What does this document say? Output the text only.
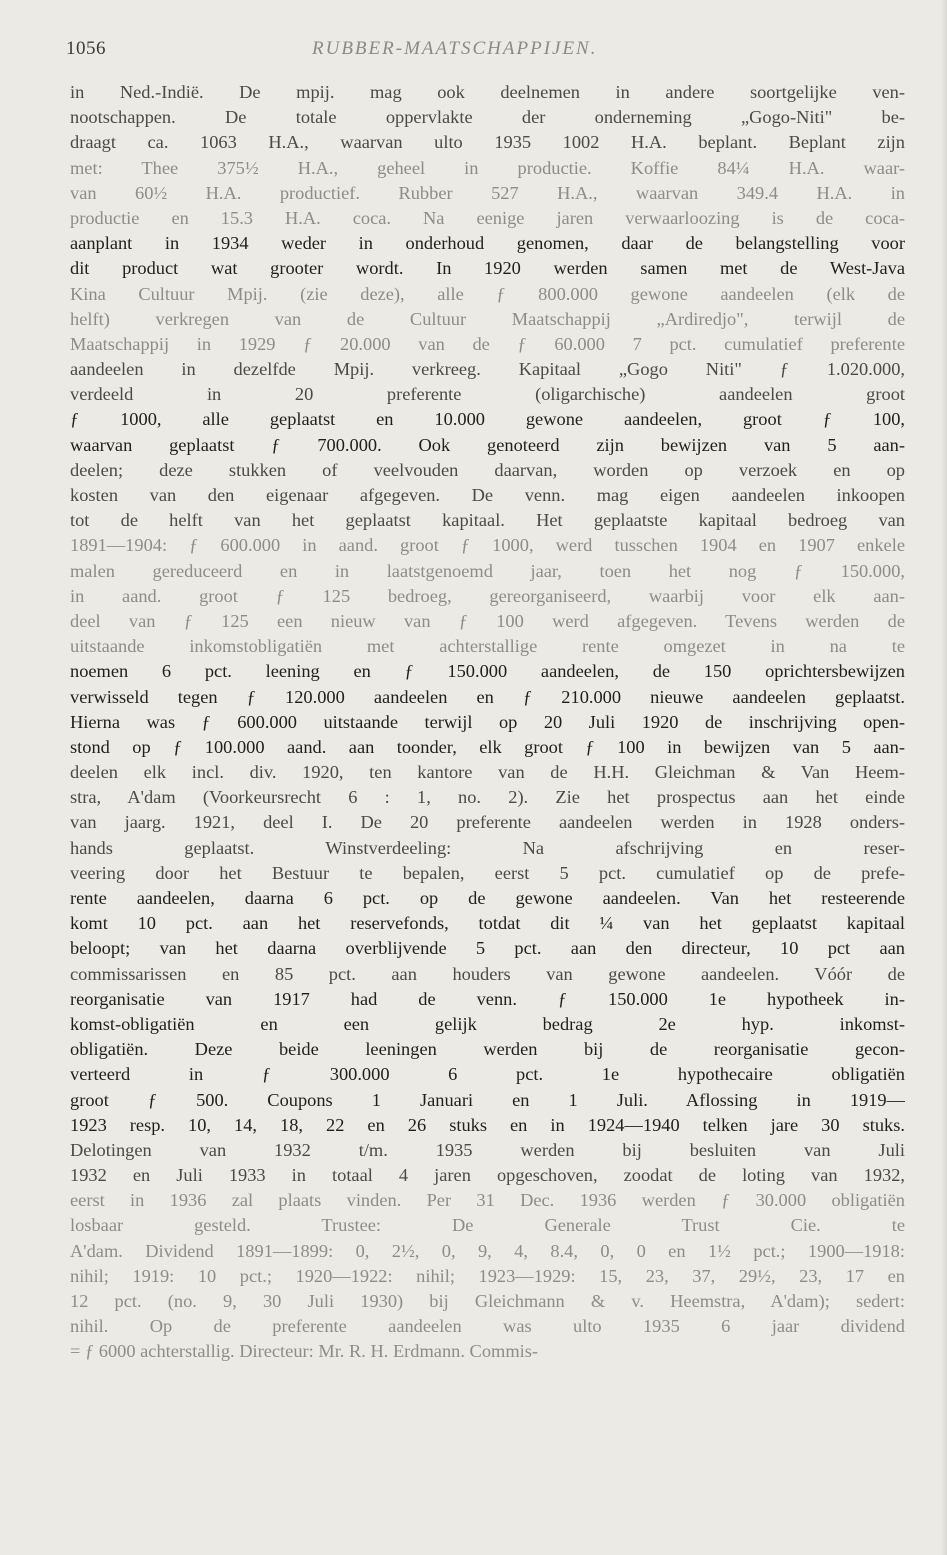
1056	RUBBER-MAATSCHAPPIJEN.
in Ned.-Indië. De mpij. mag ook deelnemen in andere soortgelijke ven-
nootschappen. De totale oppervlakte der onderneming „Gogo-Niti" be-
draagt ca. 1063 H.A., waarvan ulto 1935 1002 H.A. beplant. Beplant zijn
met: Thee 375½ H.A., geheel in productie. Koffie 84¼ H.A. waar-
van 60½ H.A. productief. Rubber 527 H.A., waarvan 349.4 H.A. in
productie en 15.3 H.A. coca. Na eenige jaren verwaarloozing is de coca-
aanplant in 1934 weder in onderhoud genomen, daar de belangstelling voor
dit product wat grooter wordt. In 1920 werden samen met de West-Java
Kina Cultuur Mpij. (zie deze), alle ƒ 800.000 gewone aandeelen (elk de
helft) verkregen van de Cultuur Maatschappij „Ardiredjo", terwijl de
Maatschappij in 1929 ƒ 20.000 van de ƒ 60.000 7 pct. cumulatief preferente
aandeelen in dezelfde Mpij. verkreeg. Kapitaal „Gogo Niti" ƒ 1.020.000,
verdeeld in 20 preferente (oligarchische) aandeelen groot
ƒ 1000, alle geplaatst en 10.000 gewone aandeelen, groot ƒ 100,
waarvan geplaatst ƒ 700.000. Ook genoteerd zijn bewijzen van 5 aan-
deelen; deze stukken of veelvouden daarvan, worden op verzoek en op
kosten van den eigenaar afgegeven. De venn. mag eigen aandeelen inkoopen
tot de helft van het geplaatst kapitaal. Het geplaatste kapitaal bedroeg van
1891—1904: ƒ 600.000 in aand. groot ƒ 1000, werd tusschen 1904 en 1907 enkele
malen gereduceerd en in laatstgenoemd jaar, toen het nog ƒ 150.000,
in aand. groot ƒ 125 bedroeg, gereorganiseerd, waarbij voor elk aan-
deel van ƒ 125 een nieuw van ƒ 100 werd afgegeven. Tevens werden de
uitstaande inkomstobligatiën met achterstallige rente omgezet in na te
noemen 6 pct. leening en ƒ 150.000 aandeelen, de 150 oprichtersbewijzen
verwisseld tegen ƒ 120.000 aandeelen en ƒ 210.000 nieuwe aandeelen geplaatst.
Hierna was ƒ 600.000 uitstaande terwijl op 20 Juli 1920 de inschrijving open-
stond op ƒ 100.000 aand. aan toonder, elk groot ƒ 100 in bewijzen van 5 aan-
deelen elk incl. div. 1920, ten kantore van de H.H. Gleichman & Van Heem-
stra, A'dam (Voorkeursrecht 6 : 1, no. 2). Zie het prospectus aan het einde
van jaarg. 1921, deel I. De 20 preferente aandeelen werden in 1928 onders-
hands geplaatst. Winstverdeeling: Na afschrijving en reser-
veering door het Bestuur te bepalen, eerst 5 pct. cumulatief op de prefe-
rente aandeelen, daarna 6 pct. op de gewone aandeelen. Van het resteerende
komt 10 pct. aan het reservefonds, totdat dit ¼ van het geplaatst kapitaal
beloopt; van het daarna overblijvende 5 pct. aan den directeur, 10 pct aan
commissarissen en 85 pct. aan houders van gewone aandeelen. Vóór de
reorganisatie van 1917 had de venn. ƒ 150.000 1e hypotheek in-
komst-obligatiën en een gelijk bedrag 2e hyp. inkomst-
obligatiën. Deze beide leeningen werden bij de reorganisatie gecon-
verteerd in ƒ 300.000 6 pct. 1e hypothecaire obligatiën
groot ƒ 500. Coupons 1 Januari en 1 Juli. Aflossing in 1919—
1923 resp. 10, 14, 18, 22 en 26 stuks en in 1924—1940 telken jare 30 stuks.
Delotingen van 1932 t/m. 1935 werden bij besluiten van Juli
1932 en Juli 1933 in totaal 4 jaren opgeschoven, zoodat de loting van 1932,
eerst in 1936 zal plaats vinden. Per 31 Dec. 1936 werden ƒ 30.000 obligatiën
losbaar gesteld. Trustee: De Generale Trust Cie. te
A'dam. Dividend 1891—1899: 0, 2½, 0, 9, 4, 8.4, 0, 0 en 1½ pct.; 1900—1918:
nihil; 1919: 10 pct.; 1920—1922: nihil; 1923—1929: 15, 23, 37, 29½, 23, 17 en
12 pct. (no. 9, 30 Juli 1930) bij Gleichmann & v. Heemstra, A'dam); sedert:
nihil. Op de preferente aandeelen was ulto 1935 6 jaar dividend
= ƒ 6000 achterstallig. Directeur: Mr. R. H. Erdmann. Commis-
